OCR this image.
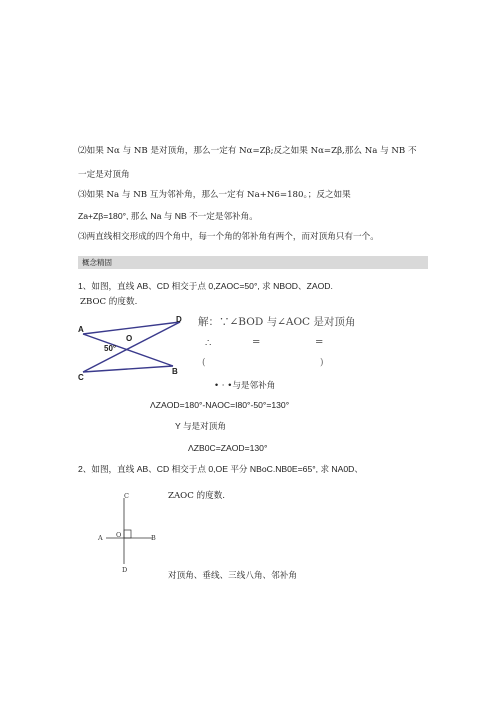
⑵如果 Nα 与 NB 是对顶角，那么一定有 Nα=Zβ;反之如果 Nα=Zβ,那么 Na 与 NB 不
一定是对顶角
⑶如果 Na 与 NB 互为邻补角，那么一定有 Na+N6=180。；反之如果
Za+Zβ=180°, 那么 Na 与 NB 不一定是邻补角。
⑶两直线相交形成的四个角中，每一个角的邻补角有两个，而对顶角只有一个。
概念精固
1、如图，直线 AB、CD 相交于点 0,ZAOC=50°, 求 NBOD、ZAOD.
ZBOC 的度数.
A
D
O
50°
C
B
解：∵∠BOD 与∠AOC 是对顶角
∴	=	=
(	)
• · •与是邻补角
ΛZAOD=180°-NAOC=I80°-50°=130°
Y 与是对顶角
ΛZB0C=ZAOD=130°
2、如图，直线 AB、CD 相交于点 0,OE 平分 NBoC.NB0E=65°, 求 NA0D、
ZAOC 的度数.
C
A O	B
D
对顶角、垂线、三线八角、邻补角
